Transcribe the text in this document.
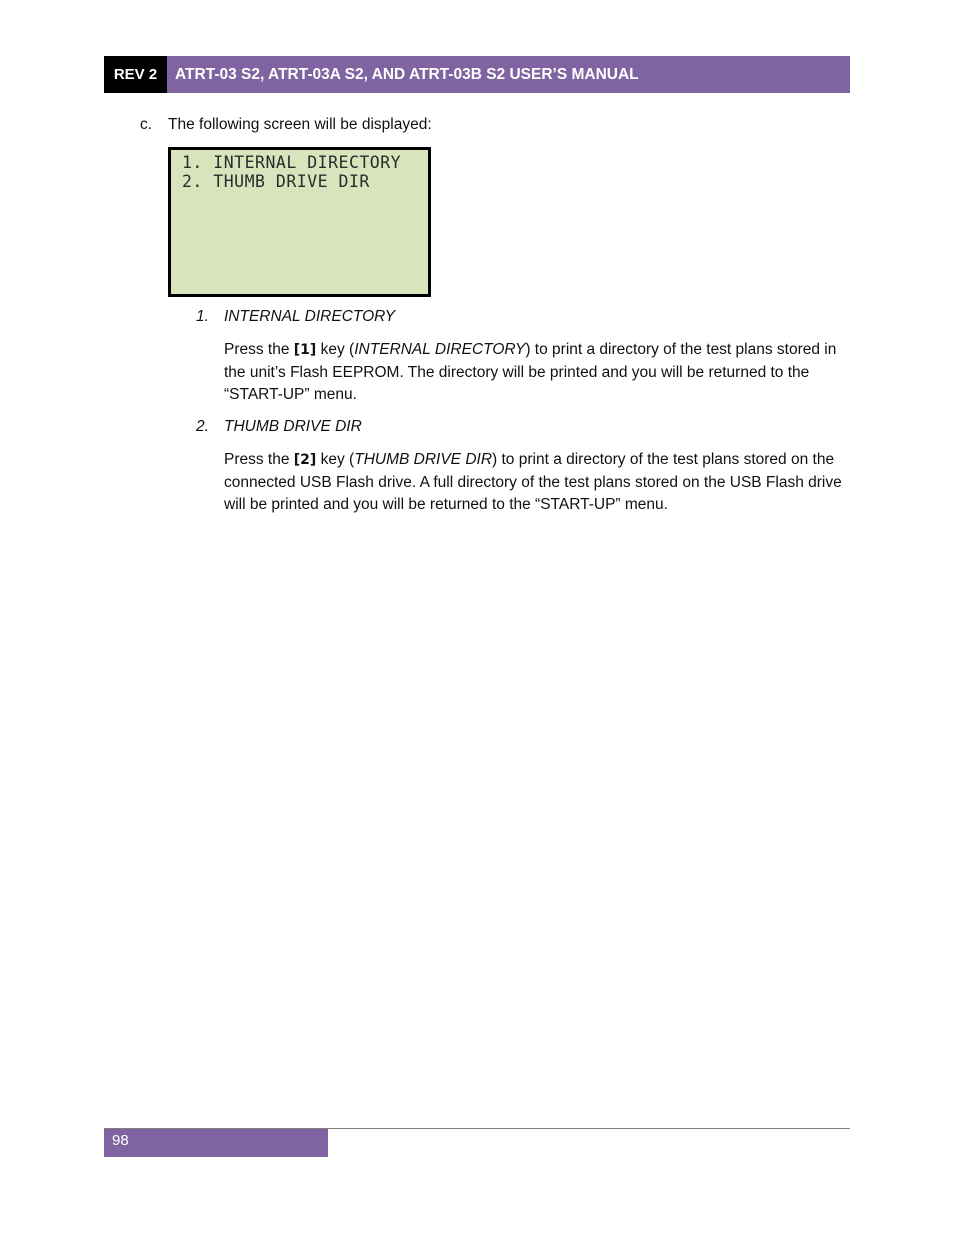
REV 2	ATRT-03 S2, ATRT-03A S2, AND ATRT-03B S2 USER’S MANUAL
c. The following screen will be displayed:
1. INTERNAL DIRECTORY
2. THUMB DRIVE DIR
1. INTERNAL DIRECTORY
Press the [1] key (INTERNAL DIRECTORY) to print a directory of the test plans stored in the unit’s Flash EEPROM. The directory will be printed and you will be returned to the “START-UP” menu.
2. THUMB DRIVE DIR
Press the [2] key (THUMB DRIVE DIR) to print a directory of the test plans stored on the connected USB Flash drive. A full directory of the test plans stored on the USB Flash drive will be printed and you will be returned to the “START-UP” menu.
98
